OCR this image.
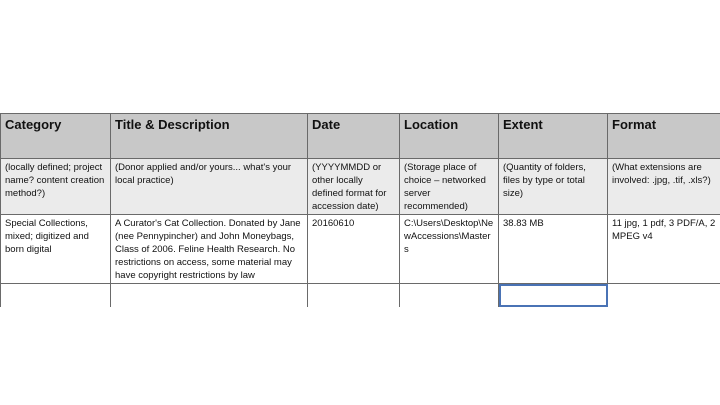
Category	Title & Description	Date	Location	Extent	Format

(locally defined; project name? content creation method?)	(Donor applied and/or yours... what's your local practice)	(YYYYMMDD or other locally defined format for accession date)	(Storage place of choice – networked server recommended)	(Quantity of folders, files by type or total size)	(What extensions are involved: .jpg, .tif, .xls?)

Special Collections, mixed; digitized and born digital	A Curator's Cat Collection. Donated by Jane (nee Pennypincher) and John Moneybags, Class of 2006. Feline Health Research. No restrictions on access, some material may have copyright restrictions by law	20160610	C:\Users\Desktop\NewAccessions\Masters	38.83 MB	11 jpg, 1 pdf, 3 PDF/A, 2 MPEG v4
